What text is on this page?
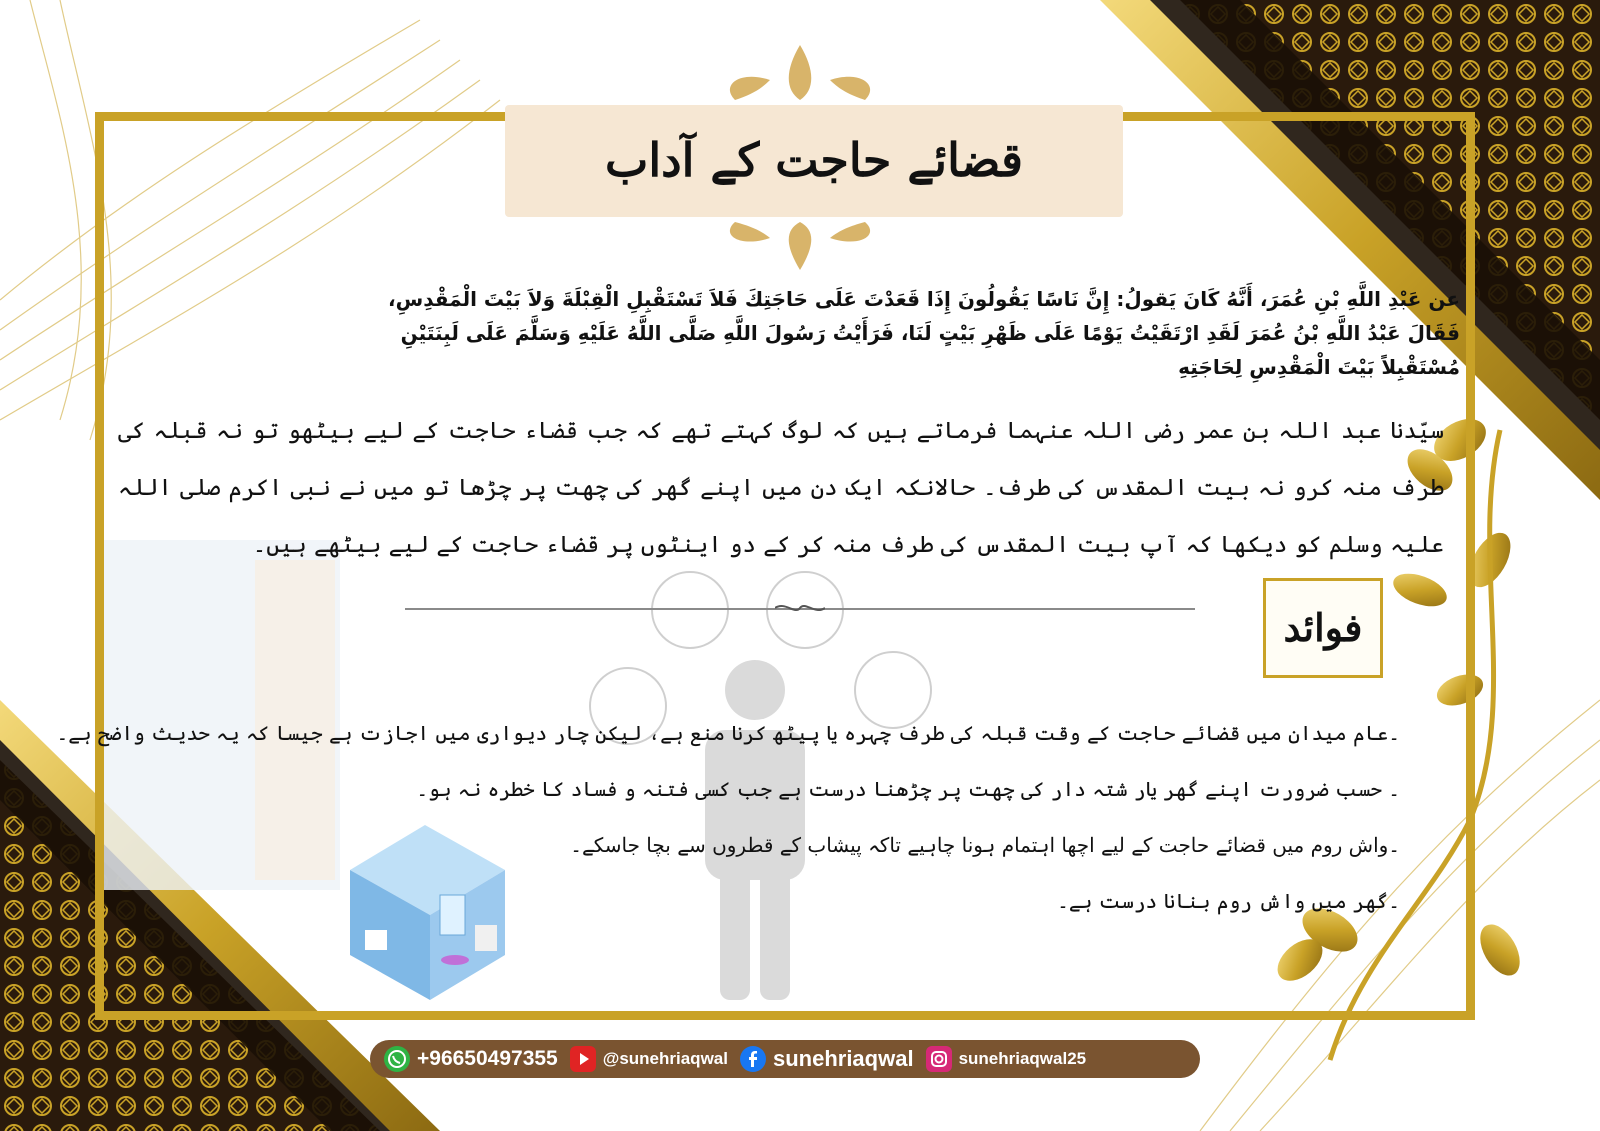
قضائے حاجت کے آداب
عن عَبْدِ اللَّهِ بْنِ عُمَرَ، أَنَّهُ كَانَ يَقولُ: إِنَّ نَاسًا يَقُولُونَ إِذَا قَعَدْتَ عَلَى حَاجَتِكَ فَلاَ تَسْتَقْبِلِ الْقِبْلَةَ وَلاَ بَيْتَ الْمَقْدِسِ،
فَقَالَ عَبْدُ اللَّهِ بْنُ عُمَرَ لَقَدِ ارْتَقَيْتُ يَوْمًا عَلَى ظَهْرِ بَيْتٍ لَنَا، فَرَأَيْتُ رَسُولَ اللَّهِ صَلَّى اللَّهُ عَلَيْهِ وَسَلَّمَ عَلَى لَبِنَتَيْنِ
مُسْتَقْبِلاً بَيْتَ الْمَقْدِسِ لِحَاجَتِهِ
سیّدنا عبد اللہ بن عمر رضی اللہ عنہما فرماتے ہیں کہ لوگ کہتے تھے کہ جب قضاء حاجت کے لیے بیٹھو تو نہ قبلہ کی طرف منہ کرو نہ بیت المقدس کی طرف۔ حالانکہ ایک دن میں اپنے گھر کی چھت پر چڑھا تو میں نے نبی اکرم صلی اللہ علیہ وسلم کو دیکھا کہ آپ بیت المقدس کی طرف منہ کر کے دو اینٹوں پر قضاء حاجت کے لیے بیٹھے ہیں۔
فوائد
۔عام میدان میں قضائے حاجت کے وقت قبلہ کی طرف چہرہ یا پیٹھ کرنا منع ہے، لیکن چار دیواری میں اجازت ہے جیسا کہ یہ حدیث واضح ہے۔
۔ حسب ضرورت اپنے گھر یار شتہ دار کی چھت پر چڑھنا درست ہے جب کسی فتنہ و فساد کا خطرہ نہ ہو۔
۔واش روم میں قضائے حاجت کے لیے اچھا اہتمام ہونا چاہیے تاکہ پیشاب کے قطروں سے بچا جاسکے۔
۔گھر میں واش روم بنانا درست ہے۔
+96650497355	@sunehriaqwal sunehriaqwal	sunehriaqwal25
